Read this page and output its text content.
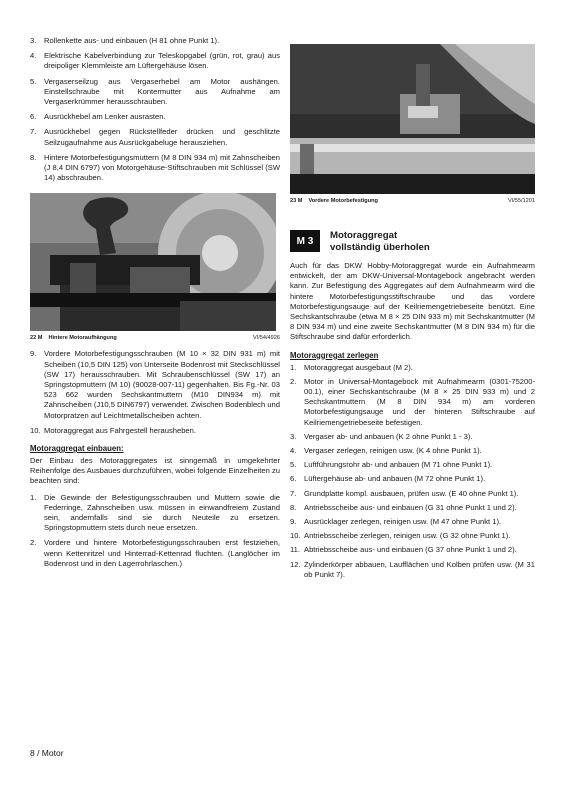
3. Rollenkette aus- und einbauen (H 81 ohne Punkt 1).
4. Elektrische Kabelverbindung zur Teleskopgabel (grün, rot, grau) aus dreipoliger Klemmleiste am Lüftergehäuse lösen.
5. Vergaserseilzug aus Vergaserhebel am Motor aushängen. Einstellschraube mit Kontermutter aus Aufnahme am Vergaserkrümmer herausschrauben.
6. Ausrückhebel am Lenker ausrasten.
7. Ausrückhebel gegen Rückstellfeder drücken und geschlitzte Seilzugaufnahme aus Ausrückgabeluge herausziehen.
8. Hintere Motorbefestigungsmuttern (M 8 DIN 934 m) mit Zahnscheiben (J 8,4 DIN 6797) von Motorgehäuse-Stiftschrauben mit Schlüssel (SW 14) abschrauben.
22 M Hintere Motoraufhängung	VI/54/4926
9. Vordere Motorbefestigungsschrauben (M 10 × 32 DIN 931 m) mit Scheiben (10,5 DIN 125) von Unterseite Bodenrost mit Steckschlüssel (SW 17) herausschrauben. Mit Schraubenschlüssel (SW 17) an Springstopmuttern (M 10) (90028-007-11) gegenhalten. Bis Fg.-Nr. 03 523 662 wurden Sechskantmuttern (M10 DIN934 m) mit Zahnscheiben (J10,5 DIN6797) verwendet. Zwischen Bodenblech und Motorpratzen auf Leichtmetallscheiben achten.
10. Motoraggregat aus Fahrgestell herausheben.
Motoraggregat einbauen:

Der Einbau des Motoraggregates ist sinngemäß in umgekehrter Reihenfolge des Ausbaues durchzuführen, wobei folgende Einzelheiten zu beachten sind:

1. Die Gewinde der Befestigungsschrauben und Muttern sowie die Federringe, Zahnscheiben usw. müssen in einwandfreiem Zustand sein, andernfalls sind sie durch Neuteile zu ersetzen. Springstopmuttern stets durch neue ersetzen.
2. Vordere und hintere Motorbefestigungsschrauben erst festziehen, wenn Kettenritzel und Hinterrad-Kettenrad fluchten. (Langlöcher im Bodenrost und in den Lagerrohrlaschen.)
23 M Vordere Motorbefestigung	VI/55/1201
M 3	Motoraggregat vollständig überholen

Auch für das DKW Hobby-Motoraggregat wurde ein Aufnahmearm entwickelt, der am DKW-Universal-Montagebock angebracht werden kann. Zur Befestigung des Aggregates auf dem Aufnahmearm wird die hintere Motorbefestigungsstiftschraube und das vordere Motorbefestigungsauge auf der Keilriemengetriebeseite benützt. Eine Sechskantschraube (etwa M 8 × 25 DIN 933 m) mit Sechskantmutter (M 8 DIN 934 m) und eine zweite Sechskantmutter (M 8 DIN 934 m) für die Stiftschraube sind dafür erforderlich.

Motoraggregat zerlegen
1. Motoraggregat ausgebaut (M 2).
2. Motor in Universal-Montagebock mit Aufnahmearm (0301-75200-00.1), einer Sechskantschraube (M 8 × 25 DIN 933 m) und 2 Sechskantmuttern (M 8 DIN 934 m) am vorderen Motorbefestigungsauge und der hinteren Stiftschraube auf Keilriemengetriebeseite befestigen.
3. Vergaser ab- und anbauen (K 2 ohne Punkt 1 - 3).
4. Vergaser zerlegen, reinigen usw. (K 4 ohne Punkt 1).
5. Luftführungsrohr ab- und anbauen (M 71 ohne Punkt 1).
6. Lüftergehäuse ab- und anbauen (M 72 ohne Punkt 1).
7. Grundplatte kompl. ausbauen, prüfen usw. (E 40 ohne Punkt 1).
8. Antriebsscheibe aus- und einbauen (G 31 ohne Punkt 1 und 2).
9. Ausrücklager zerlegen, reinigen usw. (M 47 ohne Punkt 1).
10. Antriebsscheibe zerlegen, reinigen usw. (G 32 ohne Punkt 1).
11. Abtriebsscheibe aus- und einbauen (G 37 ohne Punkt 1 und 2).
12. Zylinderkörper abbauen, Laufflächen und Kolben prüfen usw. (M 31 ob Punkt 7).
8 / Motor
